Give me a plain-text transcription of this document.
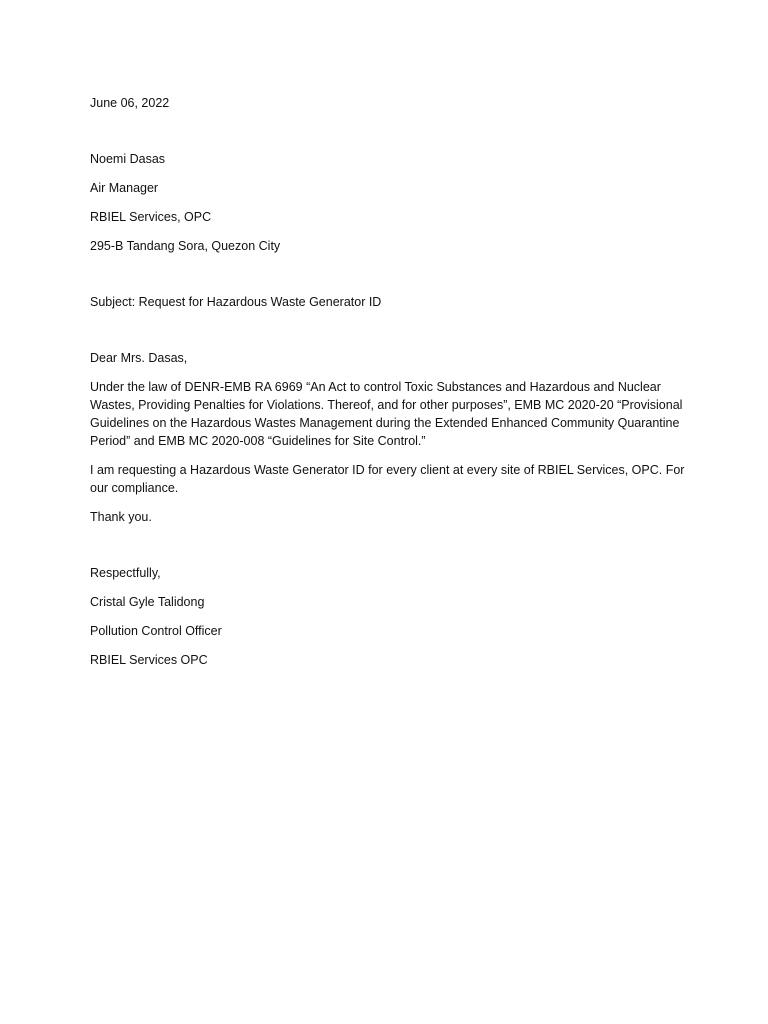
June 06, 2022

Noemi Dasas

Air Manager

RBIEL Services, OPC

295-B Tandang Sora, Quezon City

Subject: Request for Hazardous Waste Generator ID

Dear Mrs. Dasas,

Under the law of DENR-EMB RA 6969 “An Act to control Toxic Substances and Hazardous and Nuclear Wastes, Providing Penalties for Violations. Thereof, and for other purposes”, EMB MC 2020-20 “Provisional Guidelines on the Hazardous Wastes Management during the Extended Enhanced Community Quarantine Period” and EMB MC 2020-008 “Guidelines for Site Control.”

I am requesting a Hazardous Waste Generator ID for every client at every site of RBIEL Services, OPC. For our compliance.

Thank you.

Respectfully,

Cristal Gyle Talidong

Pollution Control Officer

RBIEL Services OPC
